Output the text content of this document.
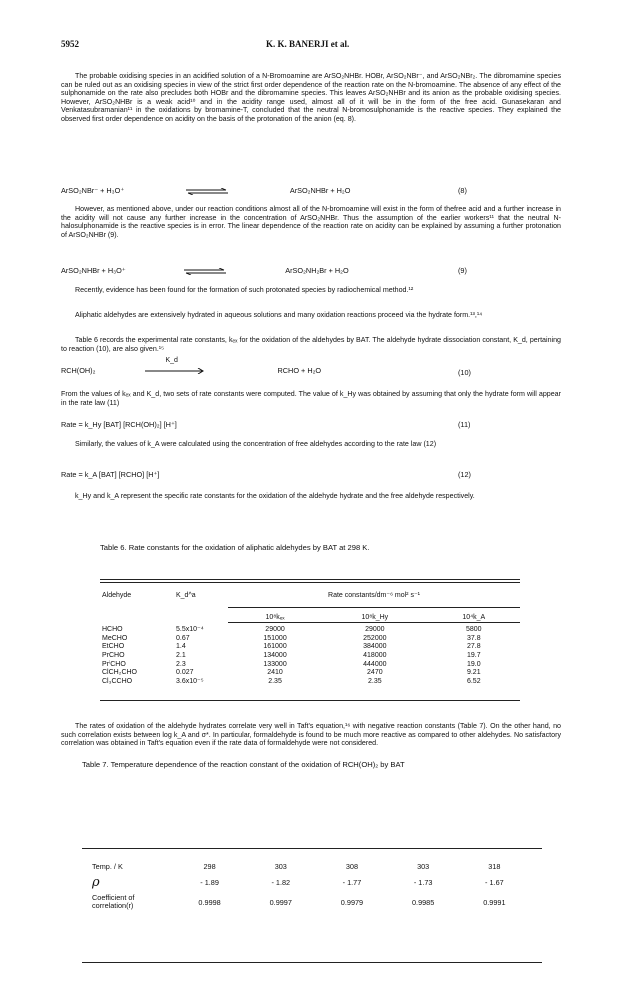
5952	K. K. BANERJI et al.

The probable oxidising species in an acidified solution of a N-Bromoamine are ArSO₂NHBr. HOBr, ArSO₂NBr⁻, and ArSO₂NBr₂. The dibromamine species can be ruled out as an oxidising species in view of the strict first order dependence of the reaction rate on the N-bromoamine. The absence of any effect of the sulphonamide on the rate also precludes both HOBr and the dibromamine species. This leaves ArSO₂NHBr and its anion as the probable oxidising species. However, ArSO₂NHBr is a weak acid¹⁰ and in the acidity range used, almost all of it will be in the form of the free acid. Gunasekaran and Venkatasubramanian¹¹ in the oxidations by bromamine-T, concluded that the neutral N-bromosulphonamide is the reactive species. They explained the observed first order dependence on acidity on the basis of the protonation of the anion (eq. 8).

ArSO₂NBr⁻ + H₃O⁺	ArSO₂NHBr + H₂O	(8)

However, as mentioned above, under our reaction conditions almost all of the N-bromoamine will exist in the form of thefree acid and a further increase in the acidity will not cause any further increase in the concentration of ArSO₂NHBr. Thus the assumption of the earlier workers¹¹ that the neutral N-halosulphonamide is the reactive species is in error. The linear dependence of the reaction rate on acidity can be explained by assuming a further protonation of ArSO₂NHBr (9).

ArSO₂NHBr + H₃O⁺	ArSO₂NH₂Br + H₂O	(9)

Recently, evidence has been found for the formation of such protonated species by radiochemical method.¹²

Aliphatic aldehydes are extensively hydrated in aqueous solutions and many oxidation reactions proceed via the hydrate form.¹³,¹⁴

Table 6 records the experimental rate constants, kₑₓ for the oxidation of the aldehydes by BAT. The aldehyde hydrate dissociation constant, K_d, pertaining to reaction (10), are also given.¹⁵

RCH(OH)₂
K_d
RCHO + H₂O	(10)

From the values of kₑₓ and K_d, two sets of rate constants were computed. The value of k_Hy was obtained by assuming that only the hydrate form will appear in the rate law (11)

Rate = k_Hy [BAT] [RCH(OH)₂] [H⁺]	(11)

Similarly, the values of k_A were calculated using the concentration of free aldehydes according to the rate law (12)

Rate = k_A [BAT] [RCHO] [H⁺]	(12)

k_Hy and k_A represent the specific rate constants for the oxidation of the aldehyde hydrate and the free aldehyde respectively.

Table 6. Rate constants for the oxidation of aliphatic aldehydes by BAT at 298 K.
Aldehyde	K_d^a	Rate constants/dm⁻⁶ mol² s⁻¹		
		10⁸kₑₓ	10⁸k_Hy	10⁴k_A
HCHO	5.5x10⁻⁴	29000	29000	5800
MeCHO	0.67	151000	252000	37.8
EtCHO	1.4	161000	384000	27.8
PrCHO	2.1	134000	418000	19.7
PrⁱCHO	2.3	133000	444000	19.0
ClCH₂CHO	0.027	2410	2470	9.21
Cl₃CCHO	3.6x10⁻⁵	2.35	2.35	6.52

The rates of oxidation of the aldehyde hydrates correlate very well in Taft's equation,¹⁶ with negative reaction constants (Table 7). On the other hand, no such correlation exists between log k_A and σ*. In particular, formaldehyde is found to be much more reactive as compared to other aldehydes. No satisfactory correlation was obtained in Taft's equation even if the rate data of formaldehyde were not considered.

Table 7. Temperature dependence of the reaction constant of the oxidation of RCH(OH)₂ by BAT
Temp. / K	298	303	308	303	318
ρ	- 1.89	- 1.82	- 1.77	- 1.73	- 1.67
Coefficient of correlation(r)	0.9998	0.9997	0.9979	0.9985	0.9991
